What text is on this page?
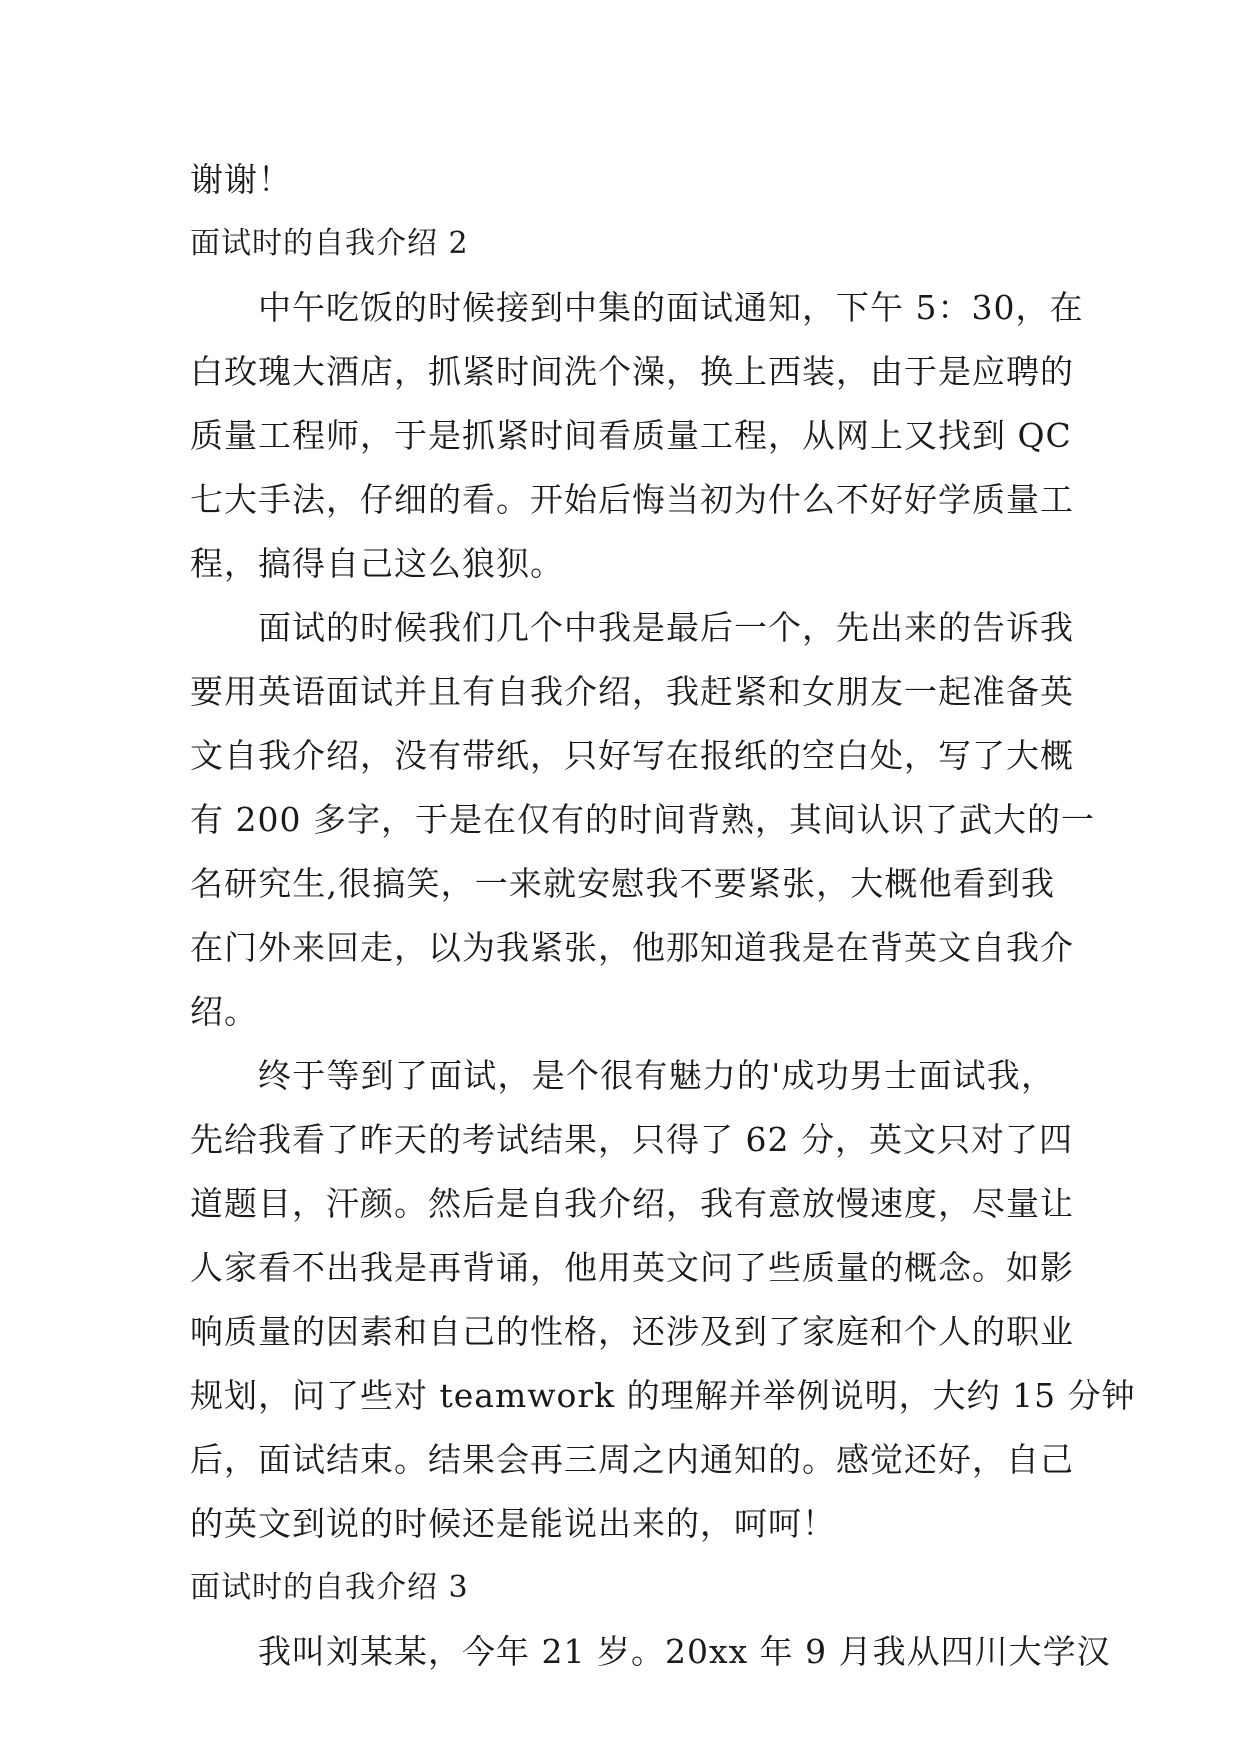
谢谢！
面试时的自我介绍 2
中午吃饭的时候接到中集的面试通知，下午 5：30，在
白玫瑰大酒店，抓紧时间洗个澡，换上西装，由于是应聘的
质量工程师，于是抓紧时间看质量工程，从网上又找到 QC
七大手法，仔细的看。开始后悔当初为什么不好好学质量工
程，搞得自己这么狼狈。
面试的时候我们几个中我是最后一个，先出来的告诉我
要用英语面试并且有自我介绍，我赶紧和女朋友一起准备英
文自我介绍，没有带纸，只好写在报纸的空白处，写了大概
有 200 多字，于是在仅有的时间背熟，其间认识了武大的一
名研究生,很搞笑，一来就安慰我不要紧张，大概他看到我
在门外来回走，以为我紧张，他那知道我是在背英文自我介
绍。
终于等到了面试，是个很有魅力的'成功男士面试我，
先给我看了昨天的考试结果，只得了 62 分，英文只对了四
道题目，汗颜。然后是自我介绍，我有意放慢速度，尽量让
人家看不出我是再背诵，他用英文问了些质量的概念。如影
响质量的因素和自己的性格，还涉及到了家庭和个人的职业
规划，问了些对 teamwork 的理解并举例说明，大约 15 分钟
后，面试结束。结果会再三周之内通知的。感觉还好，自己
的英文到说的时候还是能说出来的，呵呵！
面试时的自我介绍 3
我叫刘某某，今年 21 岁。20xx 年 9 月我从四川大学汉
